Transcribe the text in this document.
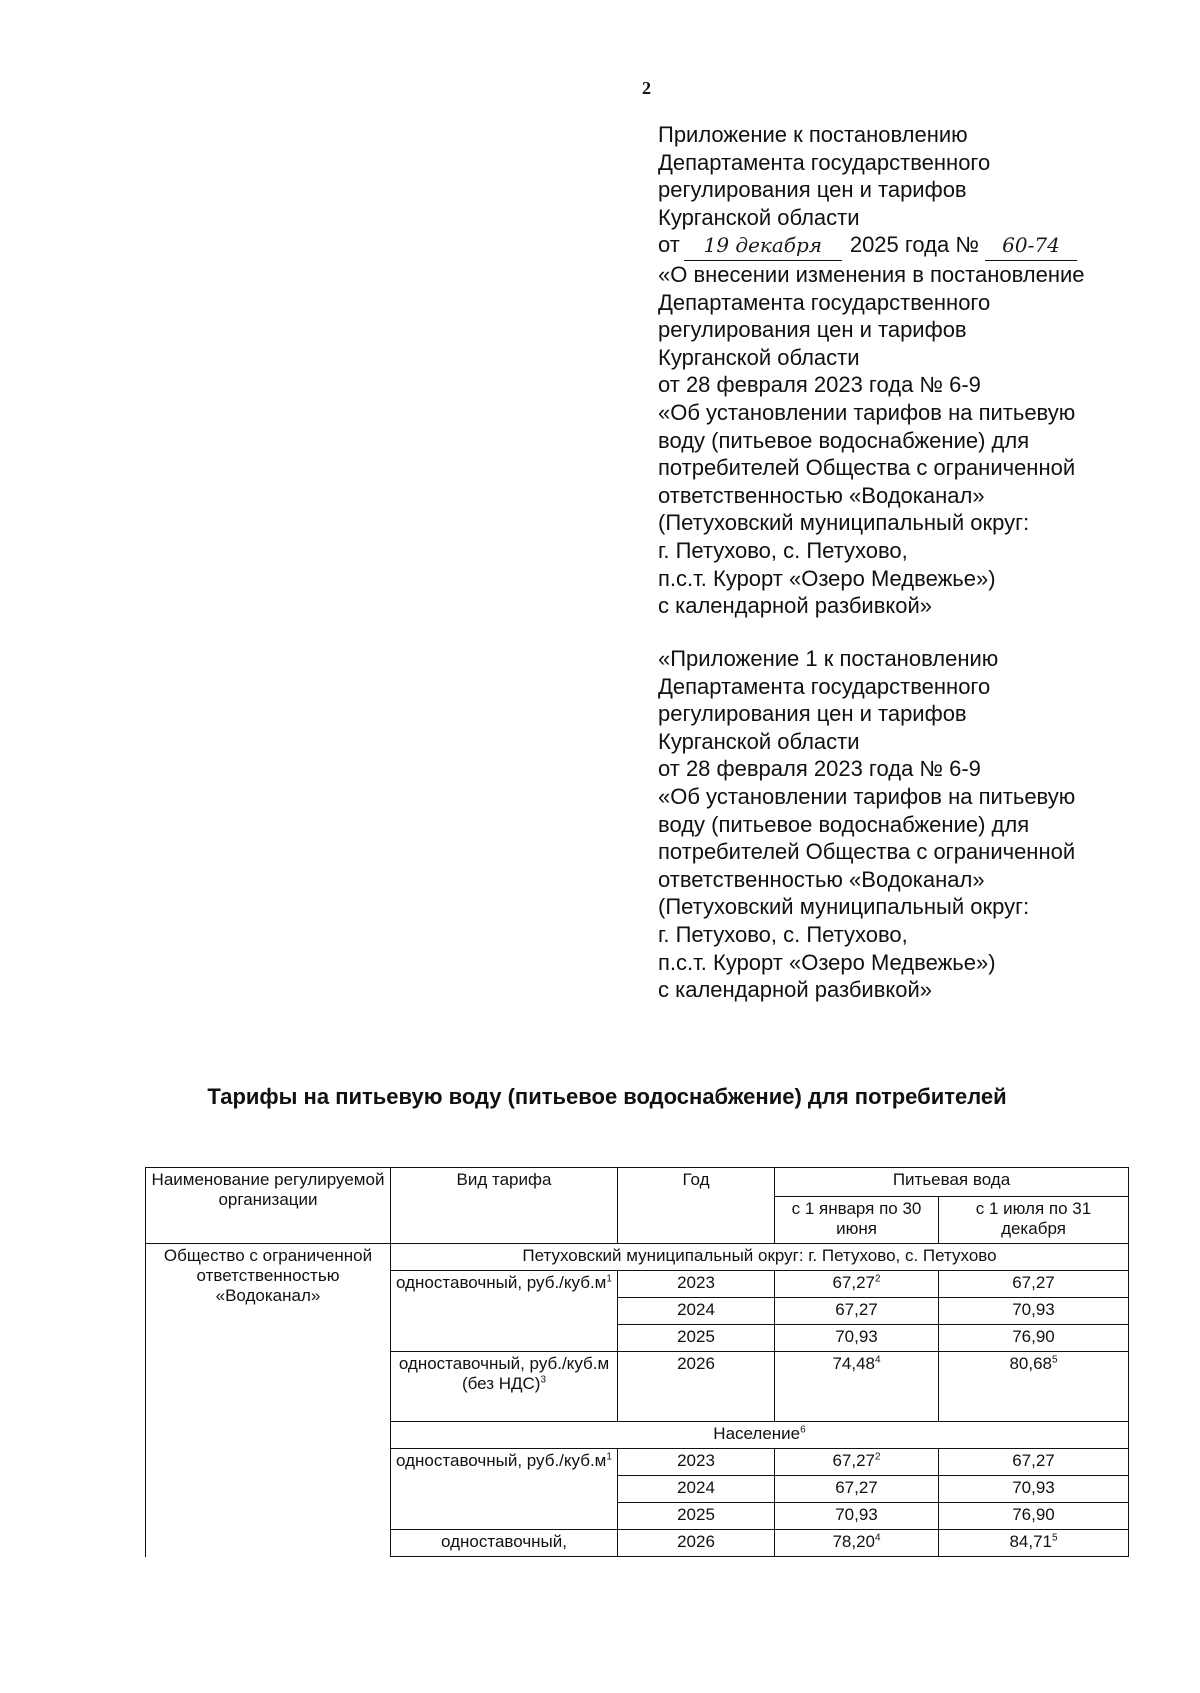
2
Приложение к постановлению
Департамента государственного
регулирования цен и тарифов
Курганской области
от 19 декабря 2025 года № 60-74
«О внесении изменения в постановление
Департамента государственного
регулирования цен и тарифов
Курганской области
от 28 февраля 2023 года № 6-9
«Об установлении тарифов на питьевую
воду (питьевое водоснабжение) для
потребителей Общества с ограниченной
ответственностью «Водоканал»
(Петуховский муниципальный округ:
г. Петухово, с. Петухово,
п.с.т. Курорт «Озеро Медвежье»)
с календарной разбивкой»
«Приложение 1 к постановлению
Департамента государственного
регулирования цен и тарифов
Курганской области
от 28 февраля 2023 года № 6-9
«Об установлении тарифов на питьевую
воду (питьевое водоснабжение) для
потребителей Общества с ограниченной
ответственностью «Водоканал»
(Петуховский муниципальный округ:
г. Петухово, с. Петухово,
п.с.т. Курорт «Озеро Медвежье»)
с календарной разбивкой»
Тарифы на питьевую воду (питьевое водоснабжение) для потребителей
Наименование регулируемой организации	Вид тарифа	Год	Питьевая вода	
			с 1 января по 30 июня	с 1 июля по 31 декабря
Общество с ограниченной ответственностью «Водоканал»	Петуховский муниципальный округ: г. Петухово, с. Петухово			
	одноставочный, $руб./куб.м^1$	2023	67,27$^2$	67,27
		2024	67,27	70,93
		2025	70,93	76,90
	одноставочный, руб./куб.м (без НДС)$^3$	2026	74,48$^4$	80,68$^5$
	Население$^6$
	одноставочный, $руб./куб.м^1$	2023	67,27$^2$	67,27
		2024	67,27	70,93
		2025	70,93	76,90
	одноставочный,	2026	78,20$^4$	84,71$^5$
